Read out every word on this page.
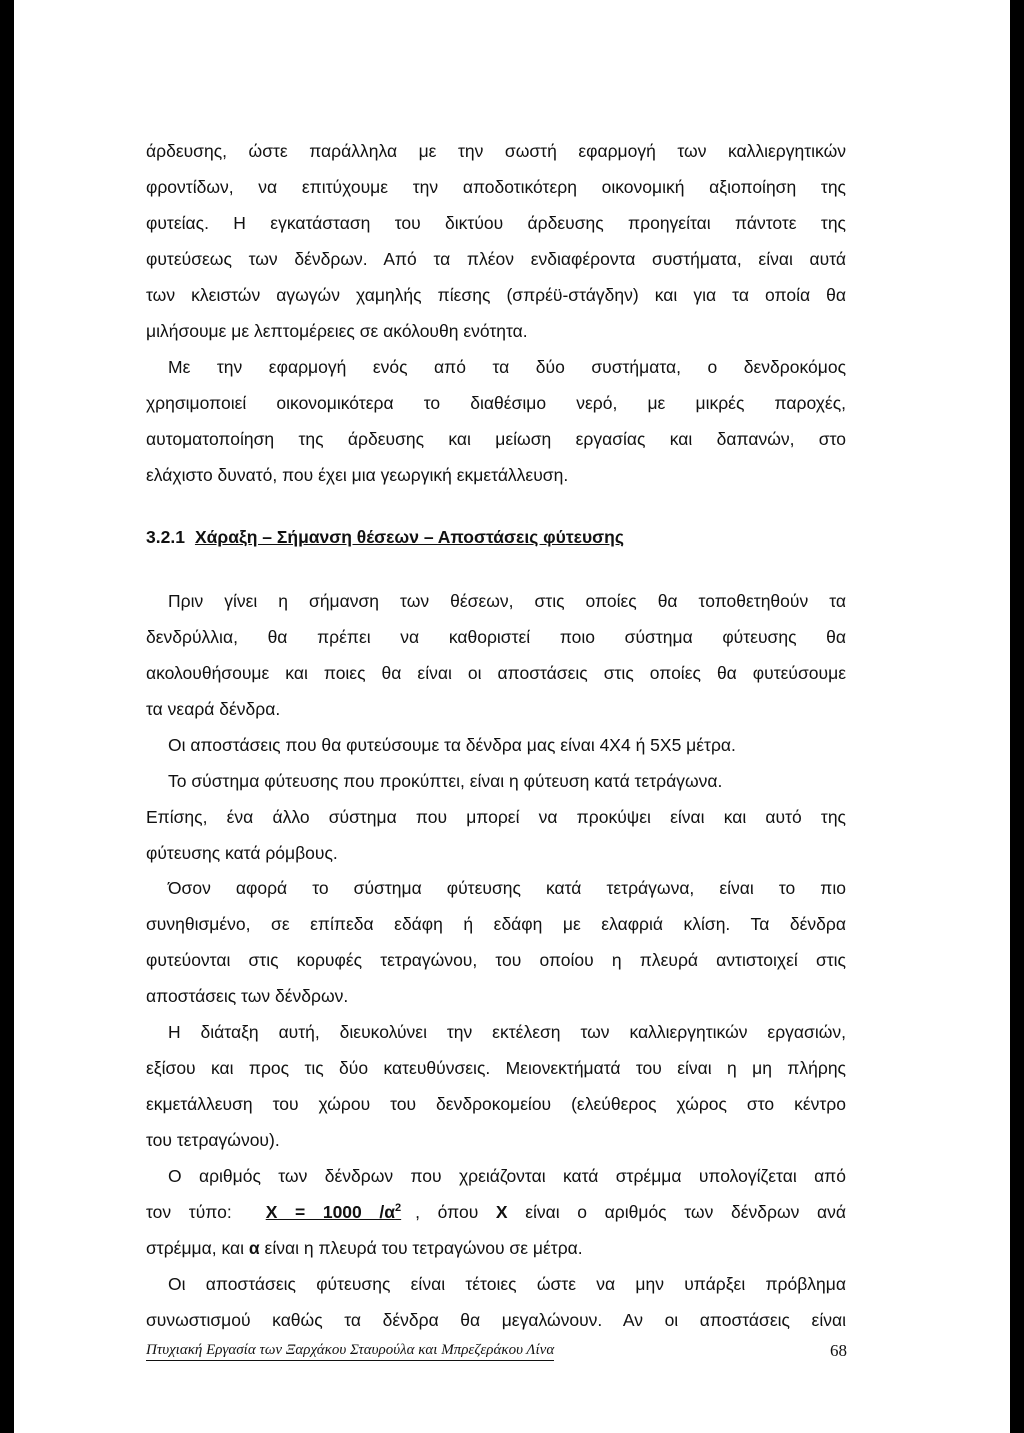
άρδευσης, ώστε παράλληλα με την σωστή εφαρμογή των καλλιεργητικών
φροντίδων, να επιτύχουμε την αποδοτικότερη οικονομική αξιοποίηση της
φυτείας. Η εγκατάσταση του δικτύου άρδευσης προηγείται πάντοτε της
φυτεύσεως των δένδρων. Από τα πλέον ενδιαφέροντα συστήματα, είναι αυτά
των κλειστών αγωγών χαμηλής πίεσης (σπρέϋ-στάγδην) και για τα οποία θα
μιλήσουμε με λεπτομέρειες σε ακόλουθη ενότητα.
Με την εφαρμογή ενός από τα δύο συστήματα, ο δενδροκόμος
χρησιμοποιεί οικονομικότερα το διαθέσιμο νερό, με μικρές παροχές,
αυτοματοποίηση της άρδευσης και μείωση εργασίας και δαπανών, στο
ελάχιστο δυνατό, που έχει μια γεωργική εκμετάλλευση.
3.2.1 Χάραξη – Σήμανση θέσεων – Αποστάσεις φύτευσης
Πριν γίνει η σήμανση των θέσεων, στις οποίες θα τοποθετηθούν τα
δενδρύλλια, θα πρέπει να καθοριστεί ποιο σύστημα φύτευσης θα
ακολουθήσουμε και ποιες θα είναι οι αποστάσεις στις οποίες θα φυτεύσουμε
τα νεαρά δένδρα.
Οι αποστάσεις που θα φυτεύσουμε τα δένδρα μας είναι 4Χ4 ή 5Χ5 μέτρα.
Το σύστημα φύτευσης που προκύπτει, είναι η φύτευση κατά τετράγωνα.
Επίσης, ένα άλλο σύστημα που μπορεί να προκύψει είναι και αυτό της
φύτευσης κατά ρόμβους.
Όσον αφορά το σύστημα φύτευσης κατά τετράγωνα, είναι το πιο
συνηθισμένο, σε επίπεδα εδάφη ή εδάφη με ελαφριά κλίση. Τα δένδρα
φυτεύονται στις κορυφές τετραγώνου, του οποίου η πλευρά αντιστοιχεί στις
αποστάσεις των δένδρων.
Η διάταξη αυτή, διευκολύνει την εκτέλεση των καλλιεργητικών εργασιών,
εξίσου και προς τις δύο κατευθύνσεις. Μειονεκτήματά του είναι η μη πλήρης
εκμετάλλευση του χώρου του δενδροκομείου (ελεύθερος χώρος στο κέντρο
του τετραγώνου).
Ο αριθμός των δένδρων που χρειάζονται κατά στρέμμα υπολογίζεται από
τον τύπο: Χ = 1000 $/\alpha^2$ , όπου Χ είναι ο αριθμός των δένδρων ανά
στρέμμα, και α είναι η πλευρά του τετραγώνου σε μέτρα.
Οι αποστάσεις φύτευσης είναι τέτοιες ώστε να μην υπάρξει πρόβλημα
συνωστισμού καθώς τα δένδρα θα μεγαλώνουν. Αν οι αποστάσεις είναι
Πτυχιακή Εργασία των Ξαρχάκου Σταυρούλα και Μπρεζεράκου Λίνα	68
